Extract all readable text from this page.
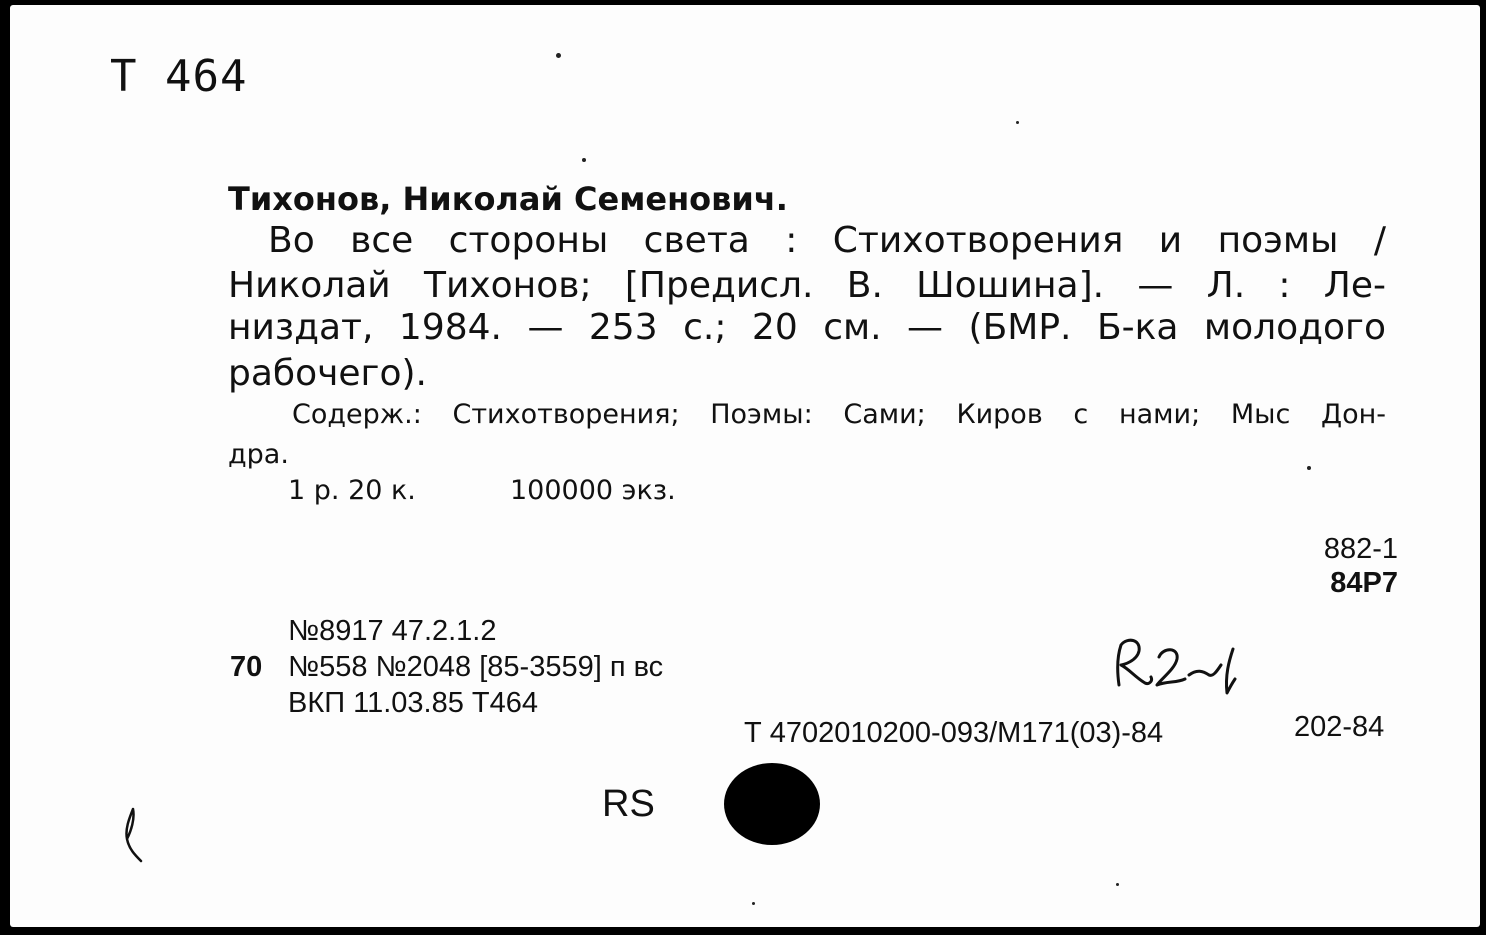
Т 464
Тихонов, Николай Семенович.
Во все стороны света : Стихотворения и поэмы /
Николай Тихонов; [Предисл. В. Шошина]. — Л. : Ле-
низдат, 1984. — 253 с.; 20 см. — (БМР. Б-ка молодого
рабочего).
Содерж.: Стихотворения; Поэмы: Сами; Киров с нами; Мыс Дон-
дра.
1 р. 20 к.	100000 экз.
882-1
84Р7
№8917 47.2.1.2
70 №558 №2048 [85-3559] п вс
ВКП 11.03.85 Т464
Т 4702010200-093/М171(03)-84	202-84
RS
